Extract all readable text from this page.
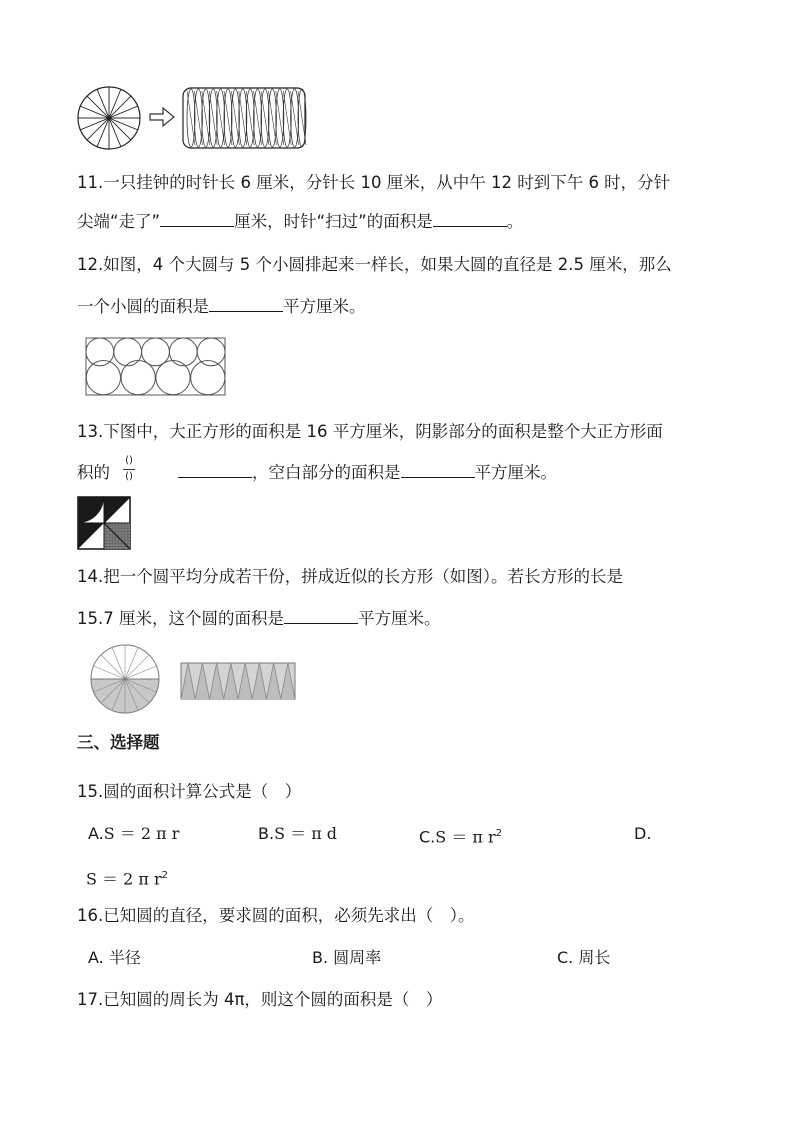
11.一只挂钟的时针长 6 厘米，分针长 10 厘米，从中午 12 时到下午 6 时，分针
尖端“走了”	厘米，时针“扫过”的面积是	。
12.如图，4 个大圆与 5 个小圆排起来一样长，如果大圆的直径是 2.5 厘米，那么
一个小圆的面积是	平方厘米。
13.下图中，大正方形的面积是 16 平方厘米，阴影部分的面积是整个大正方形面
积的	，空白部分的面积是	平方厘米。
()
()
14.把一个圆平均分成若干份，拼成近似的长方形（如图）。若长方形的长是
15.7 厘米，这个圆的面积是	平方厘米。
三、选择题
15.圆的面积计算公式是（　）
A.S ＝ 2 π r	B.S ＝ π d	C.S ＝ π $r^2$	D.
S ＝ 2 π $r^2$
16.已知圆的直径，要求圆的面积，必须先求出（　）。
A. 半径	B. 圆周率	C. 周长
17.已知圆的周长为 4π，则这个圆的面积是（　）
